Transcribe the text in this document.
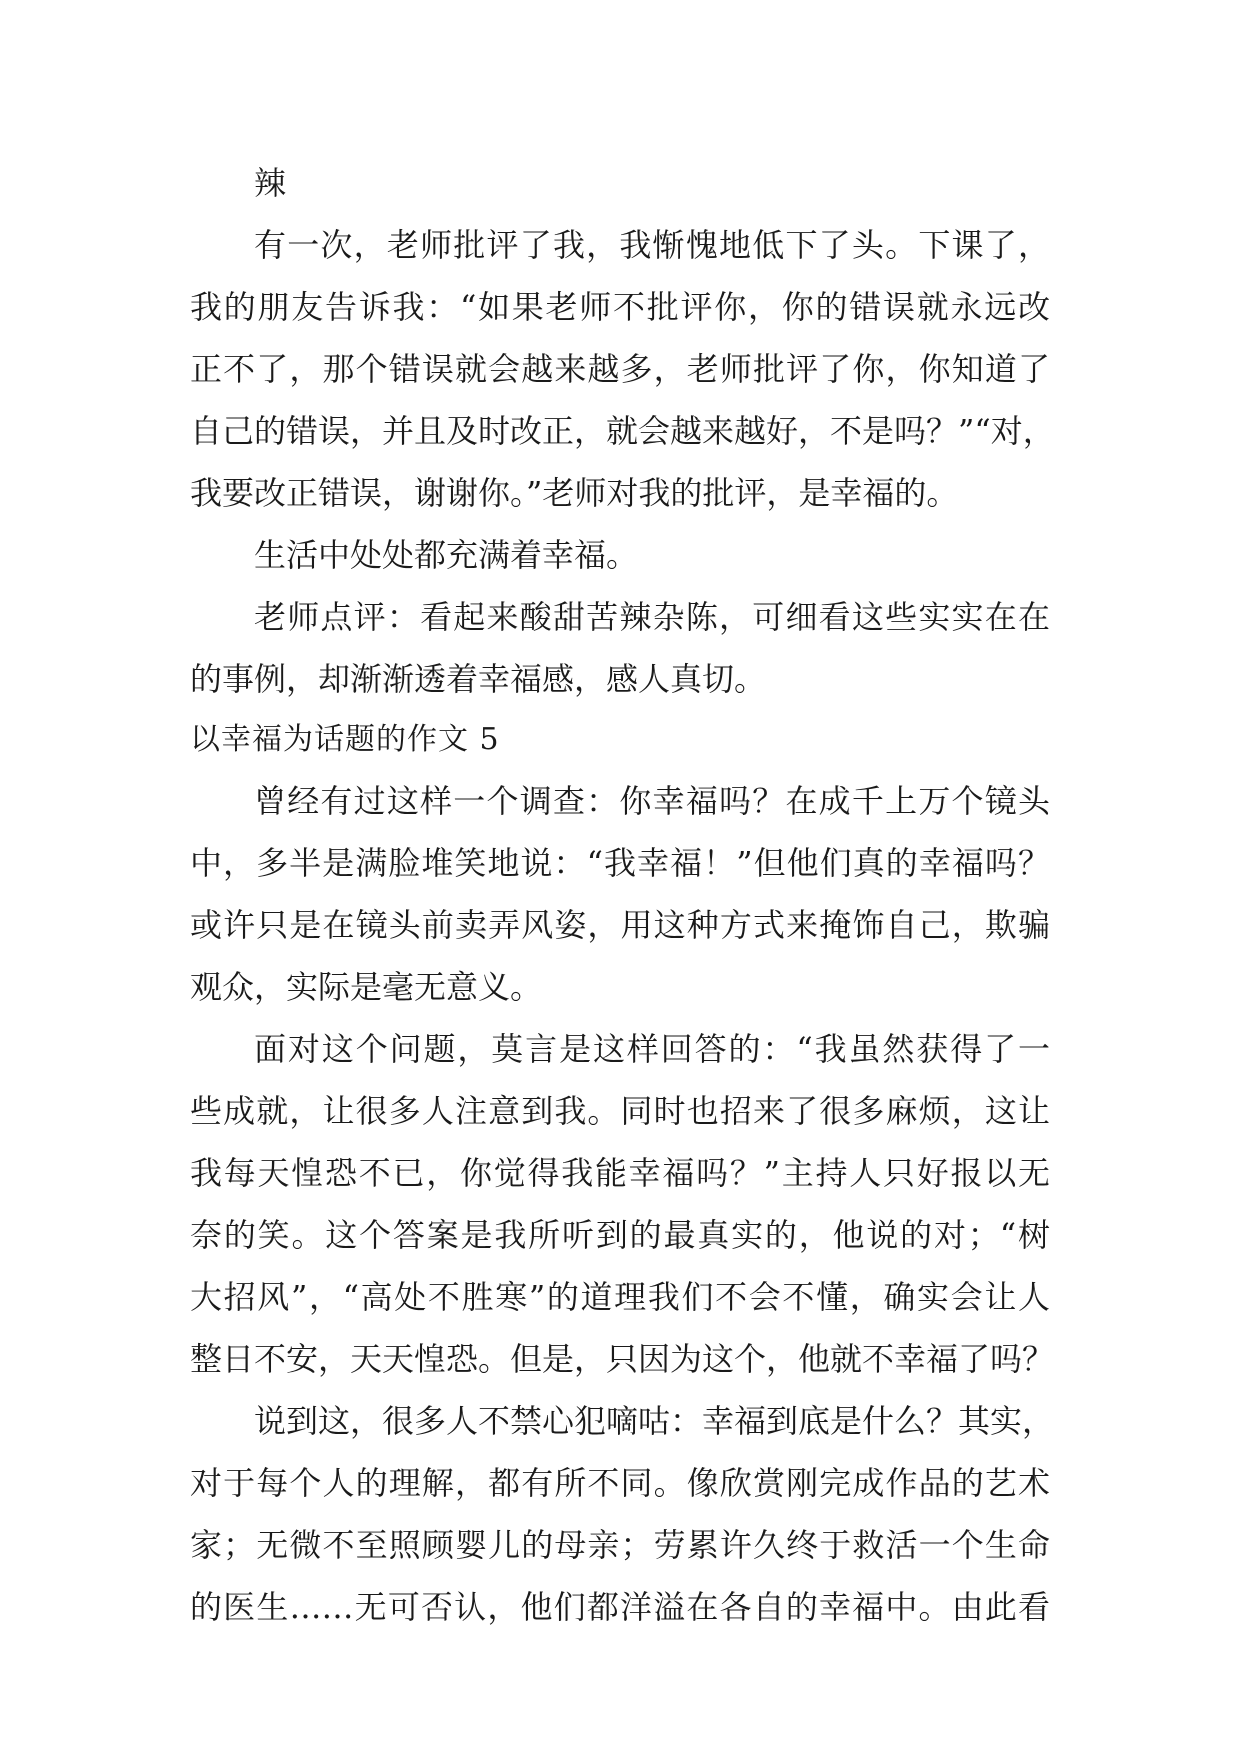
辣
有一次，老师批评了我，我惭愧地低下了头。下课了，
我的朋友告诉我：“如果老师不批评你，你的错误就永远改
正不了，那个错误就会越来越多，老师批评了你，你知道了
自己的错误，并且及时改正，就会越来越好，不是吗？”“对，
我要改正错误，谢谢你。”老师对我的批评，是幸福的。
生活中处处都充满着幸福。
老师点评：看起来酸甜苦辣杂陈，可细看这些实实在在
的事例，却渐渐透着幸福感，感人真切。
以幸福为话题的作文 5
曾经有过这样一个调查：你幸福吗？在成千上万个镜头
中，多半是满脸堆笑地说：“我幸福！”但他们真的幸福吗？
或许只是在镜头前卖弄风姿，用这种方式来掩饰自己，欺骗
观众，实际是毫无意义。
面对这个问题，莫言是这样回答的：“我虽然获得了一
些成就，让很多人注意到我。同时也招来了很多麻烦，这让
我每天惶恐不已，你觉得我能幸福吗？”主持人只好报以无
奈的笑。这个答案是我所听到的最真实的，他说的对；“树
大招风”，“高处不胜寒”的道理我们不会不懂，确实会让人
整日不安，天天惶恐。但是，只因为这个，他就不幸福了吗？
说到这，很多人不禁心犯嘀咕：幸福到底是什么？其实，
对于每个人的理解，都有所不同。像欣赏刚完成作品的艺术
家；无微不至照顾婴儿的母亲；劳累许久终于救活一个生命
的医生……无可否认，他们都洋溢在各自的幸福中。由此看
